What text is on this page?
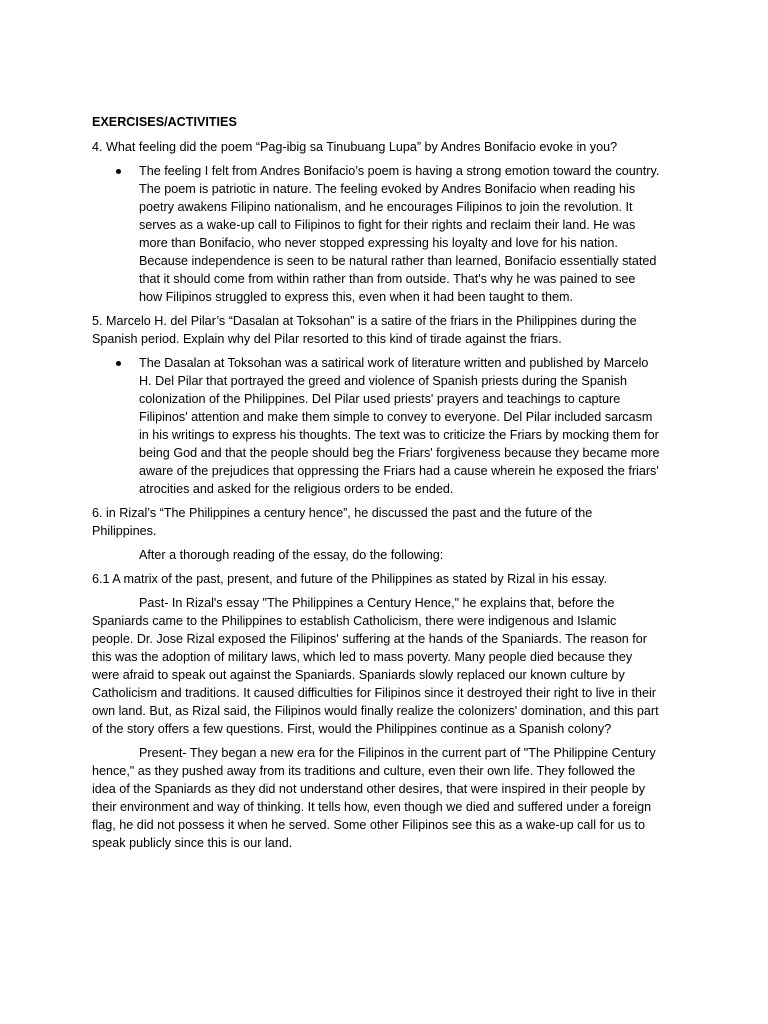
EXERCISES/ACTIVITIES

4. What feeling did the poem “Pag-ibig sa Tinubuang Lupa” by Andres Bonifacio evoke in you?

The feeling I felt from Andres Bonifacio’s poem is having a strong emotion toward the country. The poem is patriotic in nature. The feeling evoked by Andres Bonifacio when reading his poetry awakens Filipino nationalism, and he encourages Filipinos to join the revolution. It serves as a wake-up call to Filipinos to fight for their rights and reclaim their land. He was more than Bonifacio, who never stopped expressing his loyalty and love for his nation. Because independence is seen to be natural rather than learned, Bonifacio essentially stated that it should come from within rather than from outside. That's why he was pained to see how Filipinos struggled to express this, even when it had been taught to them.

5. Marcelo H. del Pilar’s “Dasalan at Toksohan” is a satire of the friars in the Philippines during the Spanish period. Explain why del Pilar resorted to this kind of tirade against the friars.

The Dasalan at Toksohan was a satirical work of literature written and published by Marcelo H. Del Pilar that portrayed the greed and violence of Spanish priests during the Spanish colonization of the Philippines. Del Pilar used priests' prayers and teachings to capture Filipinos' attention and make them simple to convey to everyone. Del Pilar included sarcasm in his writings to express his thoughts. The text was to criticize the Friars by mocking them for being God and that the people should beg the Friars' forgiveness because they became more aware of the prejudices that oppressing the Friars had a cause wherein he exposed the friars' atrocities and asked for the religious orders to be ended.

6. in Rizal’s “The Philippines a century hence”, he discussed the past and the future of the Philippines.

After a thorough reading of the essay, do the following:

6.1 A matrix of the past, present, and future of the Philippines as stated by Rizal in his essay.

Past- In Rizal's essay "The Philippines a Century Hence," he explains that, before the Spaniards came to the Philippines to establish Catholicism, there were indigenous and Islamic people. Dr. Jose Rizal exposed the Filipinos' suffering at the hands of the Spaniards. The reason for this was the adoption of military laws, which led to mass poverty. Many people died because they were afraid to speak out against the Spaniards. Spaniards slowly replaced our known culture by Catholicism and traditions. It caused difficulties for Filipinos since it destroyed their right to live in their own land. But, as Rizal said, the Filipinos would finally realize the colonizers' domination, and this part of the story offers a few questions. First, would the Philippines continue as a Spanish colony?

Present- They began a new era for the Filipinos in the current part of "The Philippine Century hence," as they pushed away from its traditions and culture, even their own life. They followed the idea of the Spaniards as they did not understand other desires, that were inspired in their people by their environment and way of thinking. It tells how, even though we died and suffered under a foreign flag, he did not possess it when he served. Some other Filipinos see this as a wake-up call for us to speak publicly since this is our land.
